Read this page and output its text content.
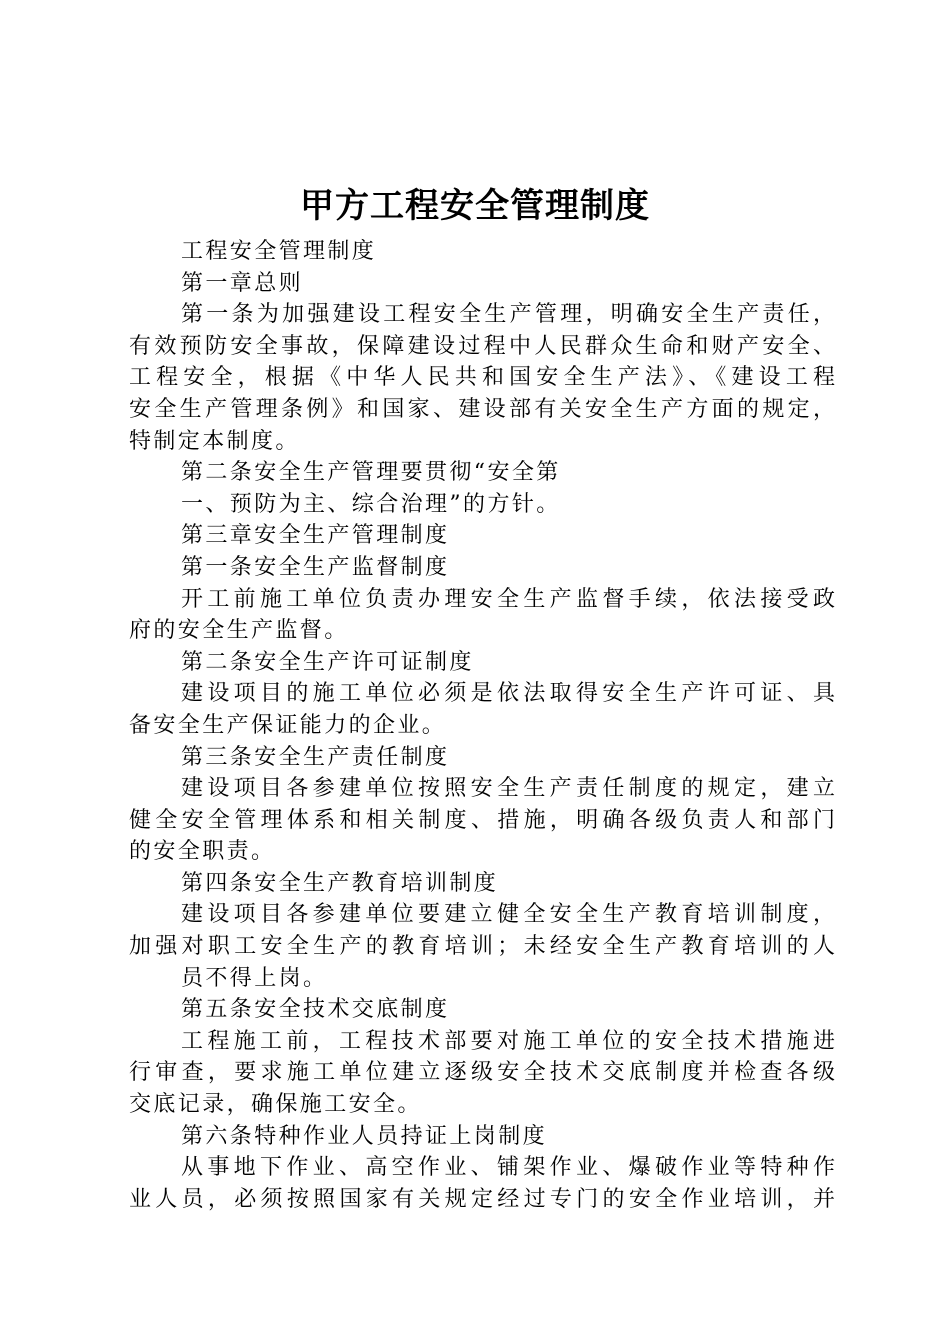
甲方工程安全管理制度
工程安全管理制度
第一章总则
第一条为加强建设工程安全生产管理，明确安全生产责任，
有效预防安全事故，保障建设过程中人民群众生命和财产安全、
工程安全，根据《中华人民共和国安全生产法》、《建设工程
安全生产管理条例》和国家、建设部有关安全生产方面的规定，
特制定本制度。
第二条安全生产管理要贯彻“安全第
一、预防为主、综合治理”的方针。
第三章安全生产管理制度
第一条安全生产监督制度
开工前施工单位负责办理安全生产监督手续，依法接受政
府的安全生产监督。
第二条安全生产许可证制度
建设项目的施工单位必须是依法取得安全生产许可证、具
备安全生产保证能力的企业。
第三条安全生产责任制度
建设项目各参建单位按照安全生产责任制度的规定，建立
健全安全管理体系和相关制度、措施，明确各级负责人和部门
的安全职责。
第四条安全生产教育培训制度
建设项目各参建单位要建立健全安全生产教育培训制度，
加强对职工安全生产的教育培训；未经安全生产教育培训的人
员不得上岗。
第五条安全技术交底制度
工程施工前，工程技术部要对施工单位的安全技术措施进
行审查，要求施工单位建立逐级安全技术交底制度并检查各级
交底记录，确保施工安全。
第六条特种作业人员持证上岗制度
从事地下作业、高空作业、铺架作业、爆破作业等特种作
业人员，必须按照国家有关规定经过专门的安全作业培训，并
